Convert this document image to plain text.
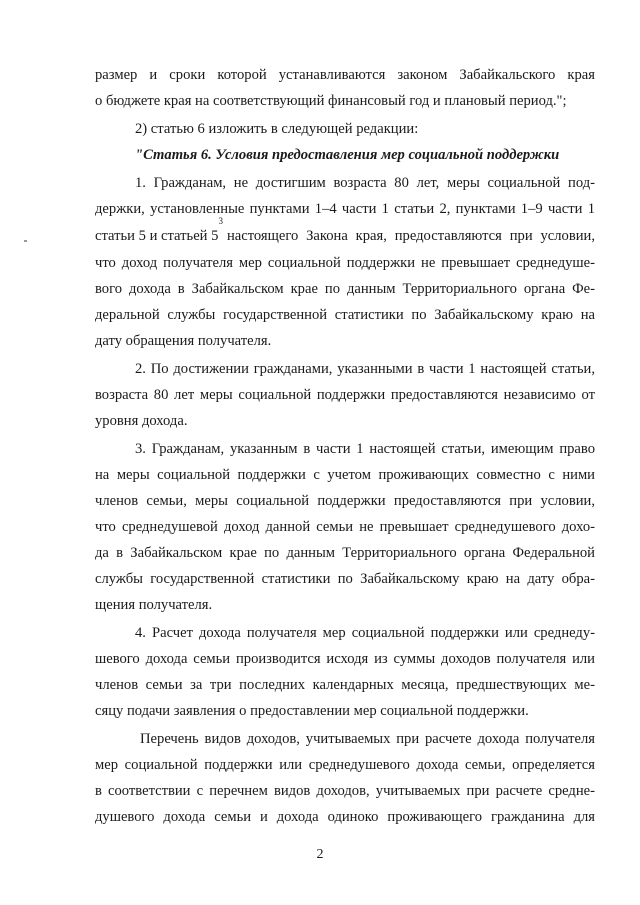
размер и сроки которой устанавливаются законом Забайкальского края
о бюджете края на соответствующий финансовый год и плановый период.";
2) статью 6 изложить в следующей редакции:
"Статья 6. Условия предоставления мер социальной поддержки
1. Гражданам, не достигшим возраста 80 лет, меры социальной под-
держки, установленные пунктами 1–4 части 1 статьи 2, пунктами 1–9 части 1
статьи 5 и статьей 5
$^3$
настоящего Закона края, предоставляются при условии,
что доход получателя мер социальной поддержки не превышает среднедуше-
вого дохода в Забайкальском крае по данным Территориального органа Фе-
деральной службы государственной статистики по Забайкальскому краю на
дату обращения получателя.
2. По достижении гражданами, указанными в части 1 настоящей статьи,
возраста 80 лет меры социальной поддержки предоставляются независимо от
уровня дохода.
3. Гражданам, указанным в части 1 настоящей статьи, имеющим право
на меры социальной поддержки с учетом проживающих совместно с ними
членов семьи, меры социальной поддержки предоставляются при условии,
что среднедушевой доход данной семьи не превышает среднедушевого дохо-
да в Забайкальском крае по данным Территориального органа Федеральной
службы государственной статистики по Забайкальскому краю на дату обра-
щения получателя.
4. Расчет дохода получателя мер социальной поддержки или среднеду-
шевого дохода семьи производится исходя из суммы доходов получателя или
членов семьи за три последних календарных месяца, предшествующих ме-
сяцу подачи заявления о предоставлении мер социальной поддержки.
Перечень видов доходов, учитываемых при расчете дохода получателя
мер социальной поддержки или среднедушевого дохода семьи, определяется
в соответствии с перечнем видов доходов, учитываемых при расчете средне-
душевого дохода семьи и дохода одиноко проживающего гражданина для
2
